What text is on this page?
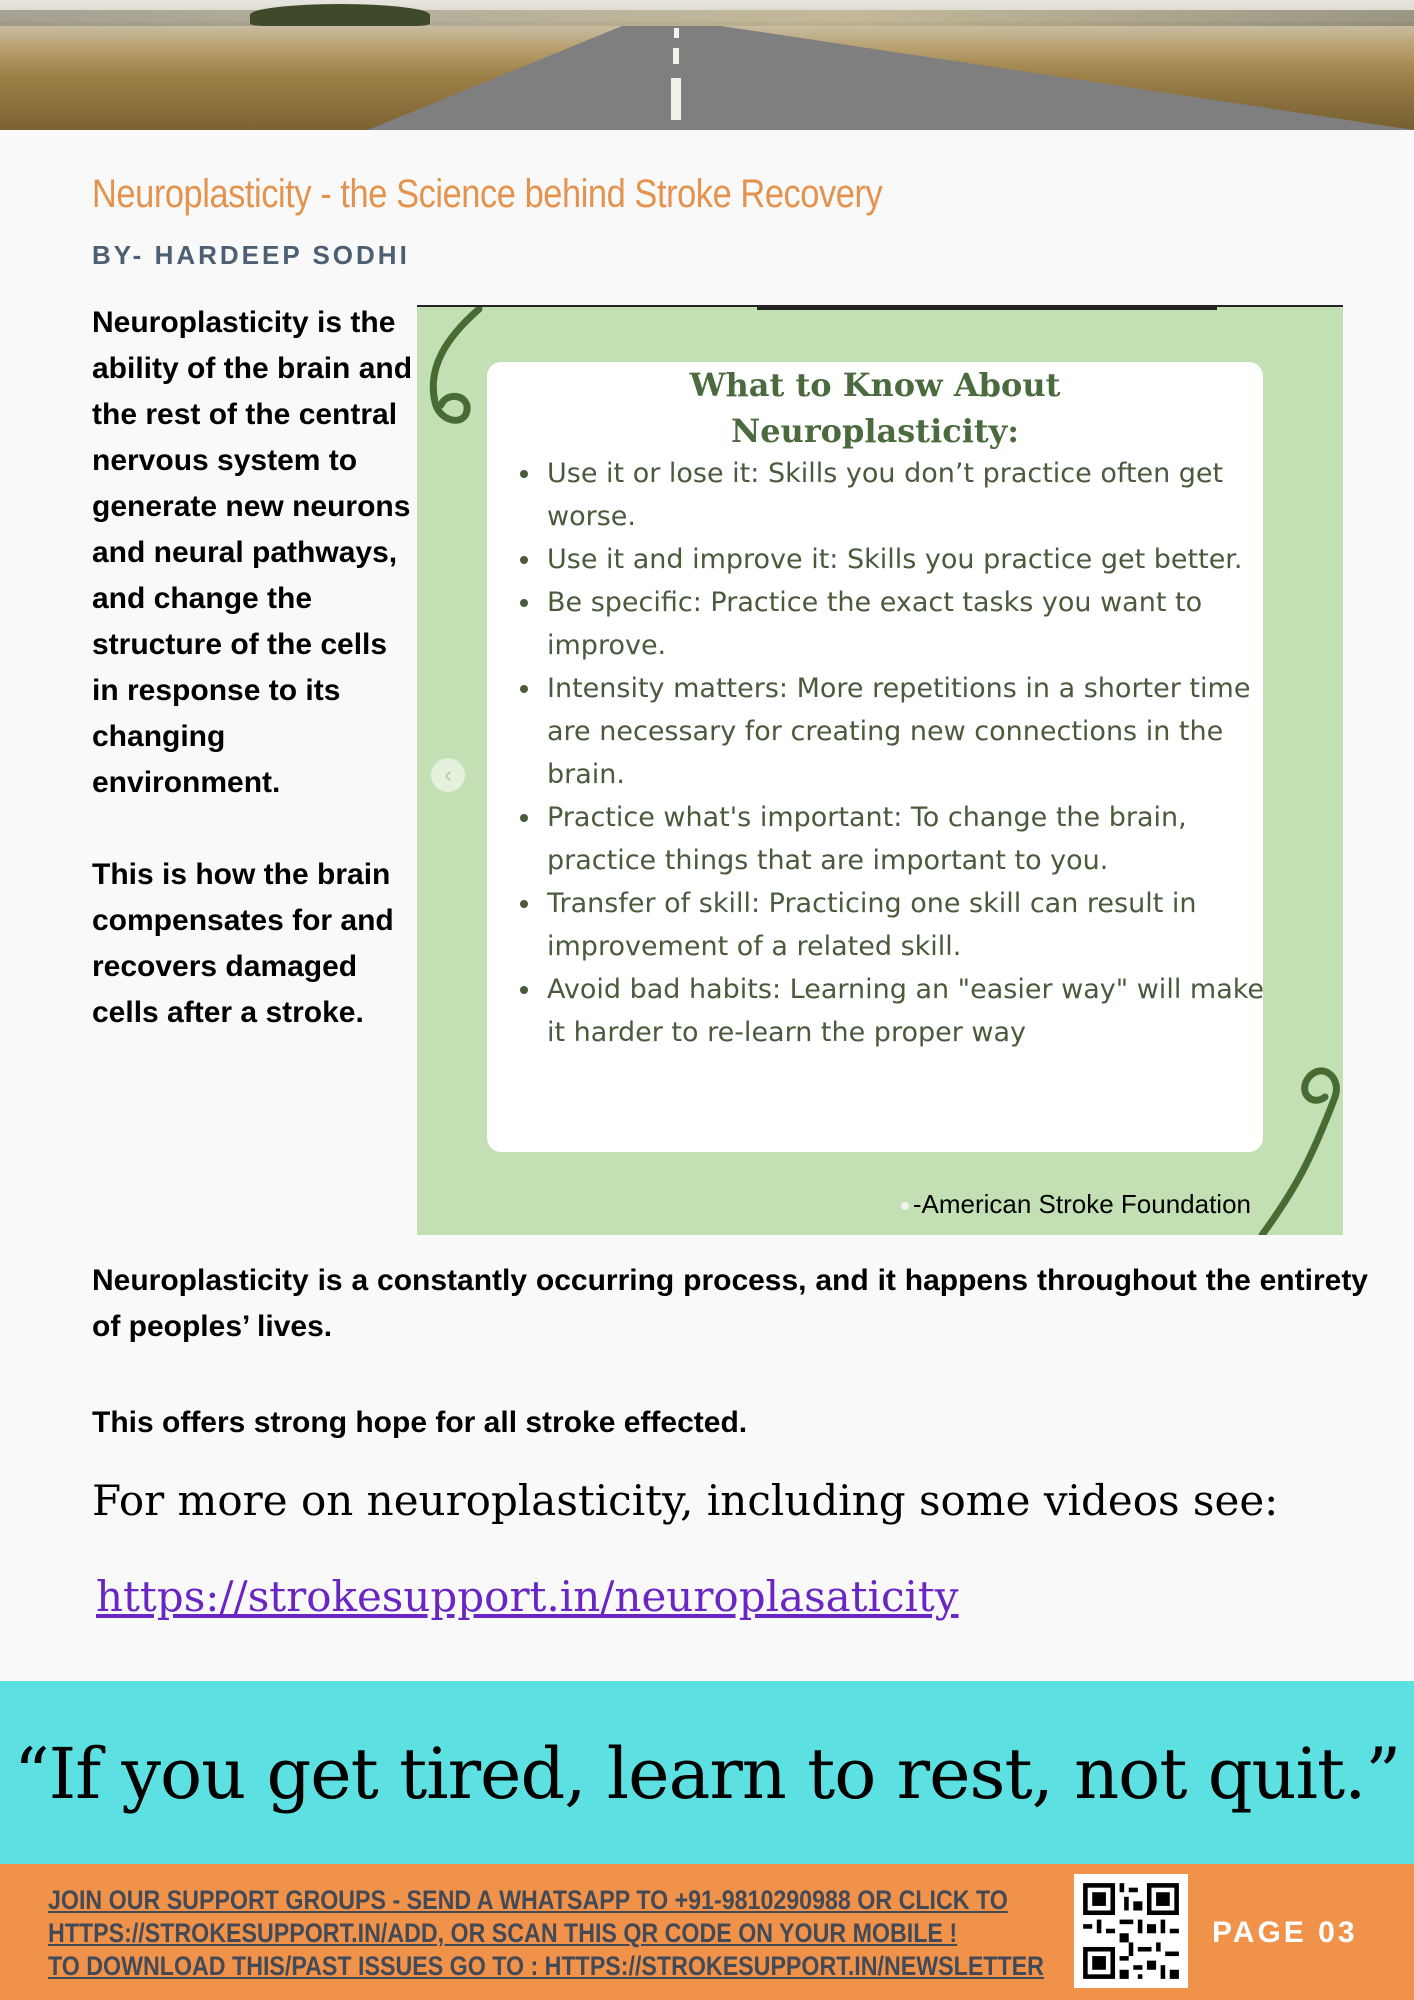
Neuroplasticity - the Science behind Stroke Recovery
BY- HARDEEP SODHI

Neuroplasticity is the ability of the brain and the rest of the central nervous system to generate new neurons and neural pathways, and change the structure of the cells in response to its changing environment.

This is how the brain compensates for and recovers damaged cells after a stroke.

What to Know About
Neuroplasticity:
• Use it or lose it: Skills you don’t practice often get worse.
• Use it and improve it: Skills you practice get better.
• Be specific: Practice the exact tasks you want to improve.
• Intensity matters: More repetitions in a shorter time are necessary for creating new connections in the brain.
• Practice what's important: To change the brain, practice things that are important to you.
• Transfer of skill: Practicing one skill can result in improvement of a related skill.
• Avoid bad habits: Learning an "easier way" will make it harder to re-learn the proper way
‹
-American Stroke Foundation
Neuroplasticity is a constantly occurring process, and it happens throughout the entirety of peoples’ lives.
This offers strong hope for all stroke effected.
For more on neuroplasticity, including some videos see:
https://strokesupport.in/neuroplasaticity
“If you get tired, learn to rest, not quit.”
JOIN OUR SUPPORT GROUPS - SEND A WHATSAPP TO +91-9810290988 OR CLICK TO
HTTPS://STROKESUPPORT.IN/ADD, OR SCAN THIS QR CODE ON YOUR MOBILE !
TO DOWNLOAD THIS/PAST ISSUES GO TO : HTTPS://STROKESUPPORT.IN/NEWSLETTER
PAGE 03
